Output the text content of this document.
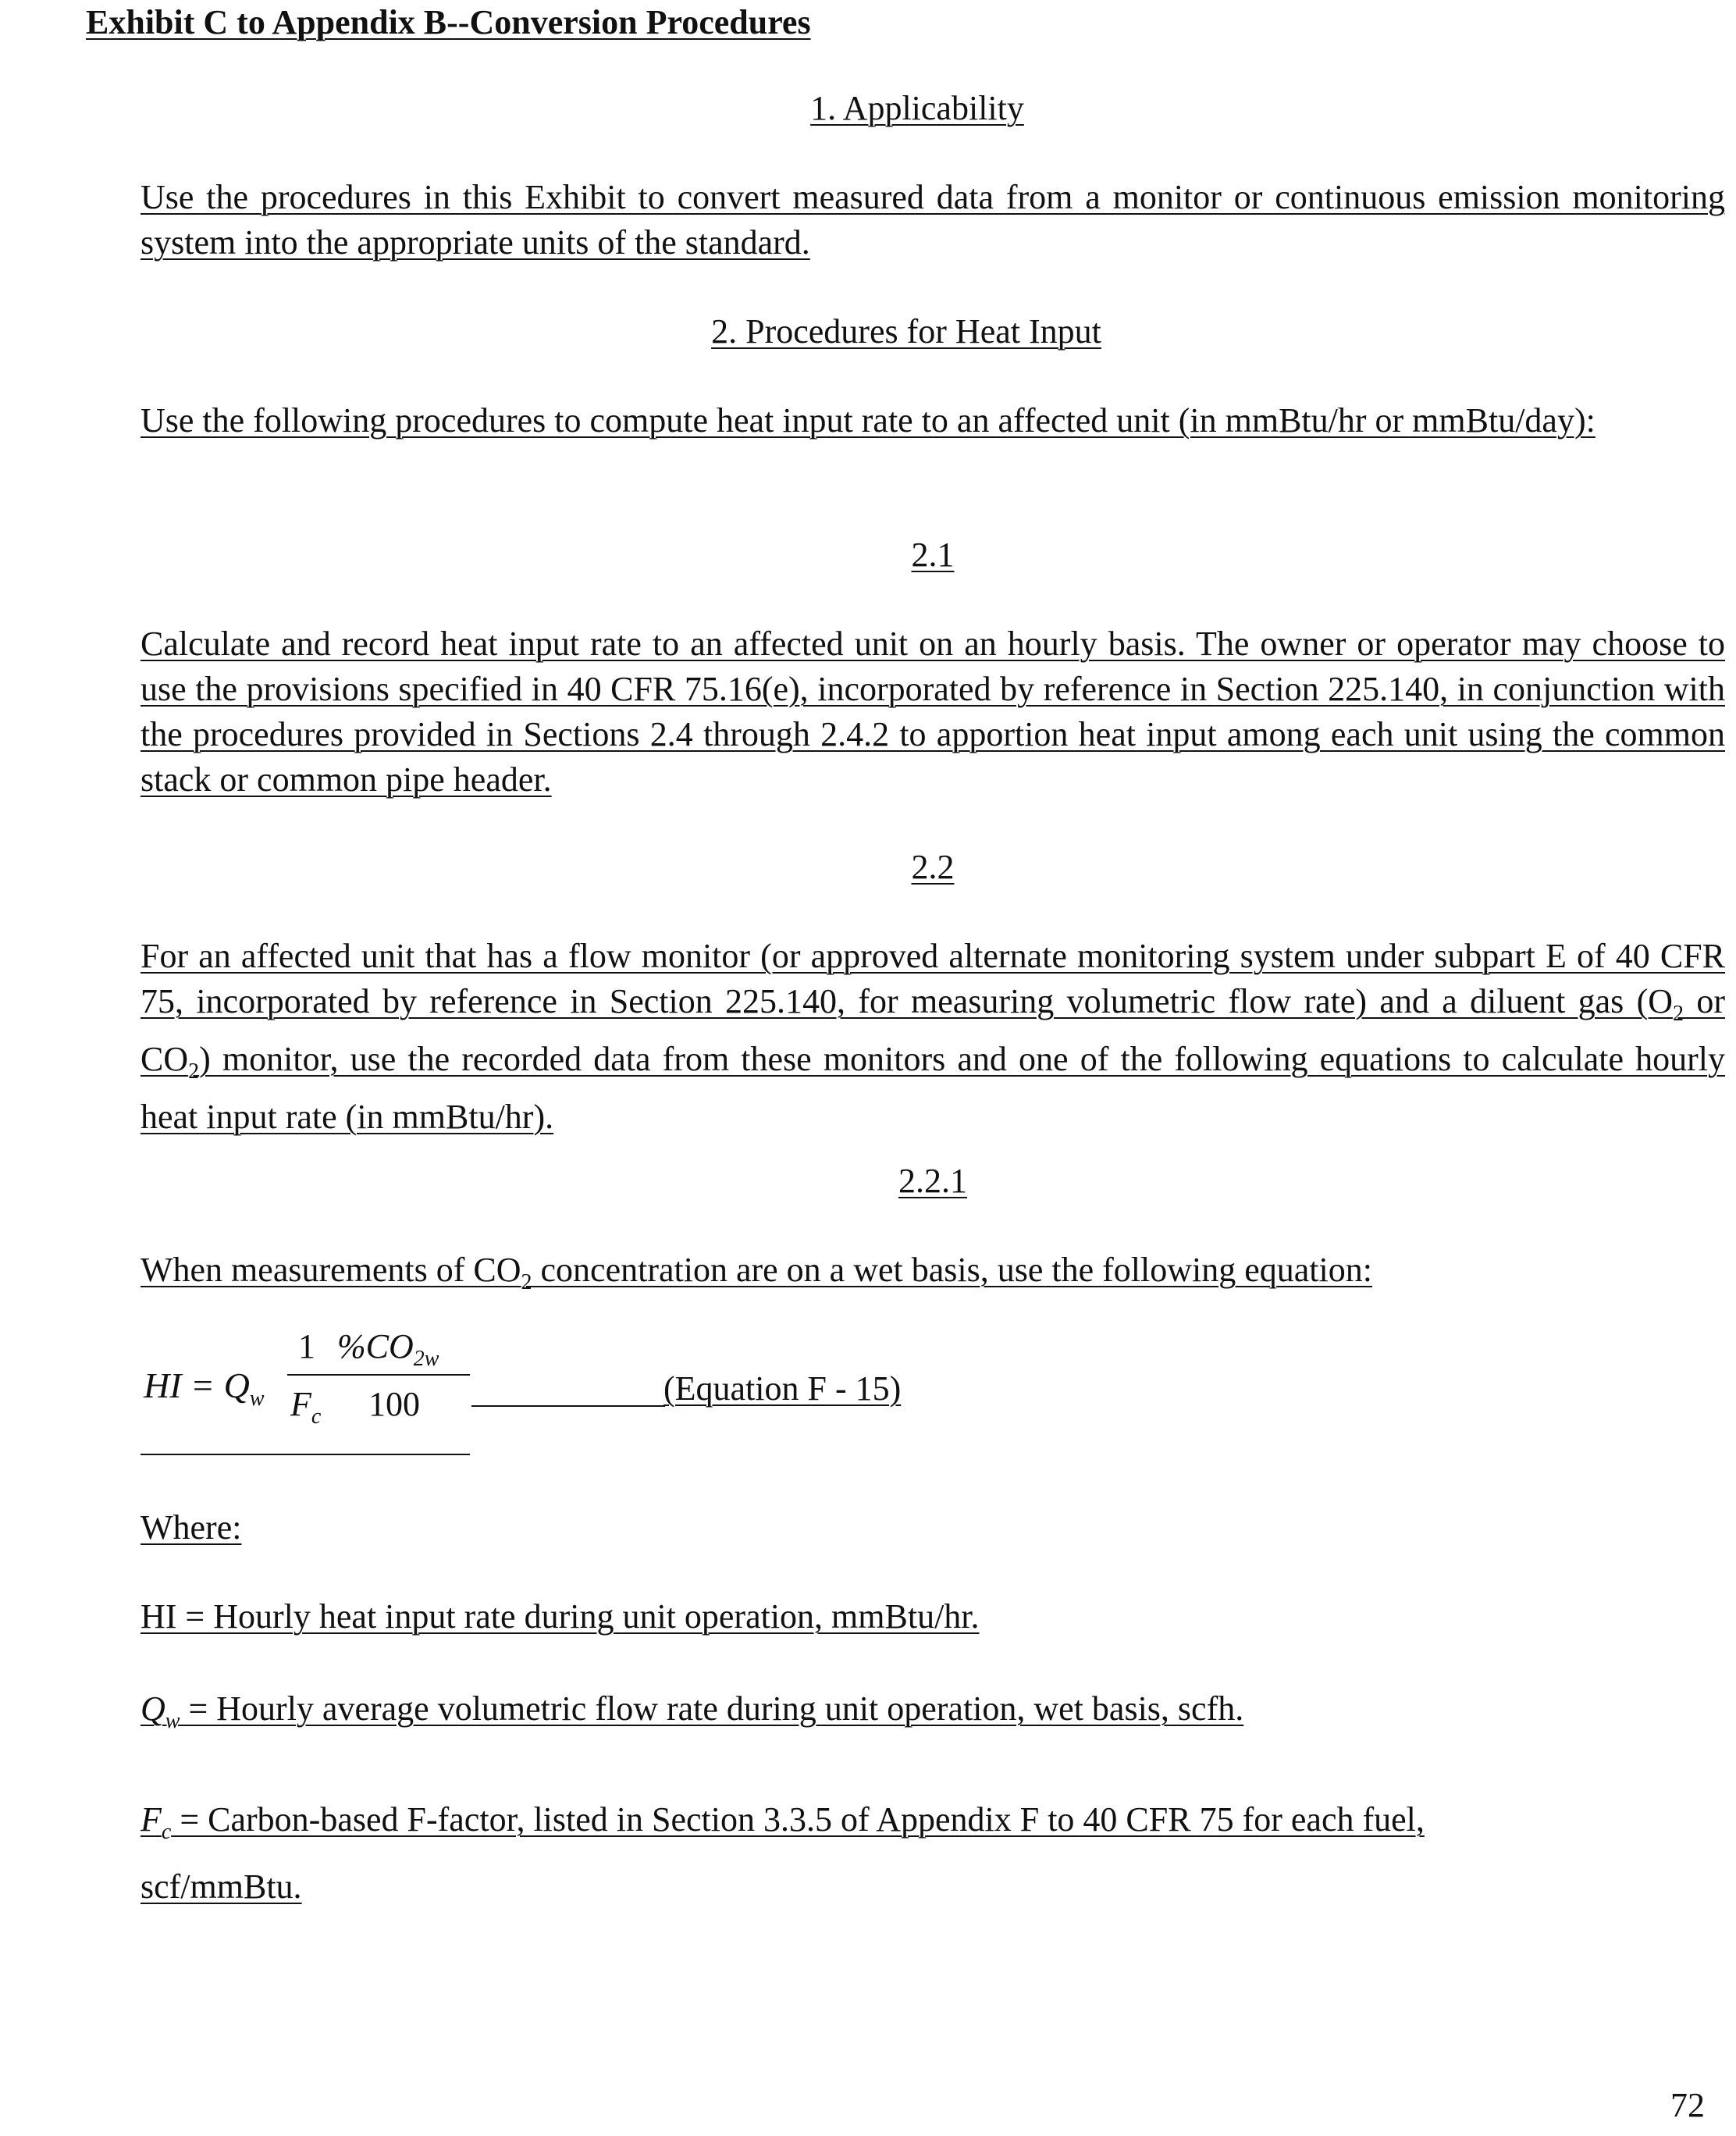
Exhibit C to Appendix B--Conversion Procedures
1. Applicability
Use the procedures in this Exhibit to convert measured data from a monitor or continuous emission monitoring system into the appropriate units of the standard.
2. Procedures for Heat Input
Use the following procedures to compute heat input rate to an affected unit (in mmBtu/hr or mmBtu/day):
2.1
Calculate and record heat input rate to an affected unit on an hourly basis. The owner or operator may choose to use the provisions specified in 40 CFR 75.16(e), incorporated by reference in Section 225.140, in conjunction with the procedures provided in Sections 2.4 through 2.4.2 to apportion heat input among each unit using the common stack or common pipe header.
2.2
For an affected unit that has a flow monitor (or approved alternate monitoring system under subpart E of 40 CFR 75, incorporated by reference in Section 225.140, for measuring volumetric flow rate) and a diluent gas ($O_2$ or $CO_2$) monitor, use the recorded data from these monitors and one of the following equations to calculate hourly heat input rate (in mmBtu/hr).
2.2.1
When measurements of $CO_2$ concentration are on a wet basis, use the following equation:
HI = $Q_w$
1
$F_c$
$\%CO_{2w}$
100	(Equation F - 15)
Where:
HI = Hourly heat input rate during unit operation, mmBtu/hr.
$Q_w$ = Hourly average volumetric flow rate during unit operation, wet basis, scfh.
$F_c$ = Carbon-based F-factor, listed in Section 3.3.5 of Appendix F to 40 CFR 75 for each fuel,
scf/mmBtu.
72
